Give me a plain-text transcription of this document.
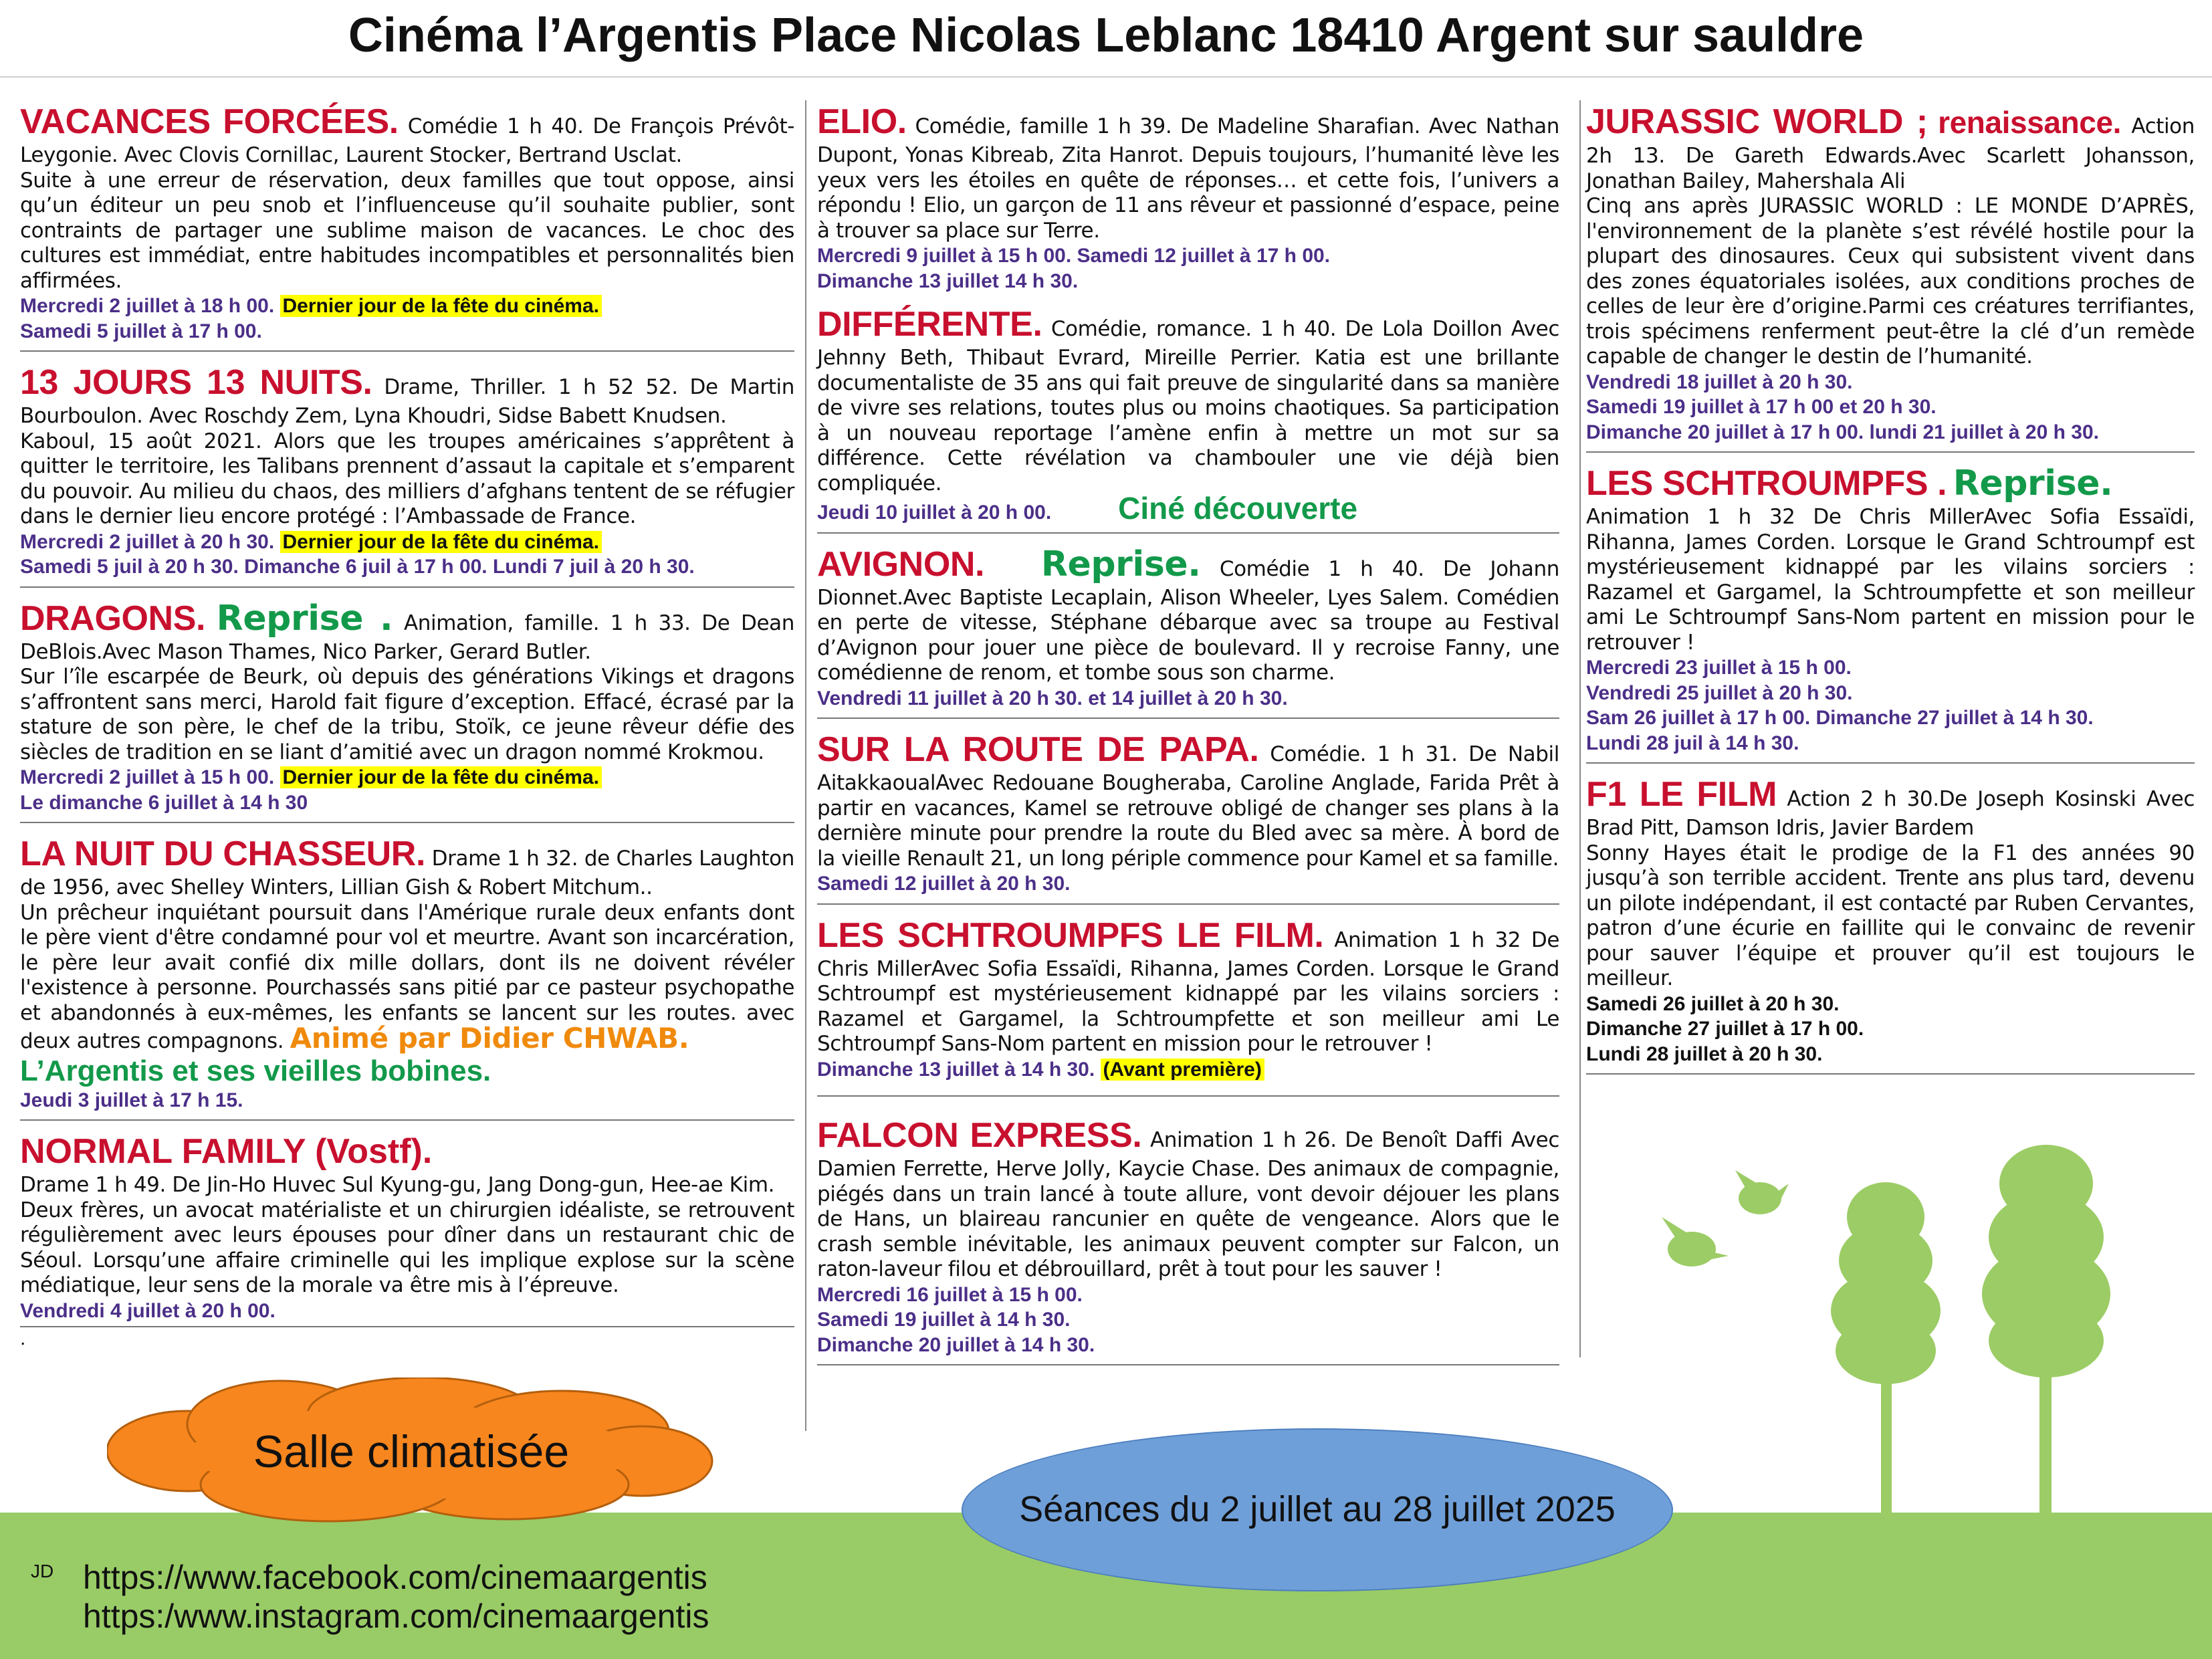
Cinéma l’Argentis Place Nicolas Leblanc 18410 Argent sur sauldre
VACANCES FORCÉES. Comédie 1 h 40. De François Prévôt-Leygonie. Avec Clovis Cornillac, Laurent Stocker, Bertrand Usclat.
Suite à une erreur de réservation, deux familles que tout oppose, ainsi qu’un éditeur un peu snob et l’influenceuse qu’il souhaite publier, sont contraints de partager une sublime maison de vacances. Le choc des cultures est immédiat, entre habitudes incompatibles et personnalités bien affirmées.
Mercredi 2 juillet à 18 h 00. Dernier jour de la fête du cinéma.
Samedi 5 juillet à 17 h 00.
13 JOURS 13 NUITS. Drame, Thriller. 1 h 52 52. De Martin Bourboulon. Avec Roschdy Zem, Lyna Khoudri, Sidse Babett Knudsen.
Kaboul, 15 août 2021. Alors que les troupes américaines s’apprêtent à quitter le territoire, les Talibans prennent d’assaut la capitale et s’emparent du pouvoir. Au milieu du chaos, des milliers d’afghans tentent de se réfugier dans le dernier lieu encore protégé : l’Ambassade de France.
Mercredi 2 juillet à 20 h 30. Dernier jour de la fête du cinéma.
Samedi 5 juil à 20 h 30. Dimanche 6 juil à 17 h 00. Lundi 7 juil à 20 h 30.
DRAGONS. Reprise . Animation, famille. 1 h 33. De Dean DeBlois.Avec Mason Thames, Nico Parker, Gerard Butler.
Sur l’île escarpée de Beurk, où depuis des générations Vikings et dragons s’affrontent sans merci, Harold fait figure d’exception. Effacé, écrasé par la stature de son père, le chef de la tribu, Stoïk, ce jeune rêveur défie des siècles de tradition en se liant d’amitié avec un dragon nommé Krokmou.
Mercredi 2 juillet à 15 h 00. Dernier jour de la fête du cinéma.
Le dimanche 6 juillet à 14 h 30
LA NUIT DU CHASSEUR. Drame 1 h 32. de Charles Laughton de 1956, avec Shelley Winters, Lillian Gish & Robert Mitchum..
Un prêcheur inquiétant poursuit dans l'Amérique rurale deux enfants dont le père vient d'être condamné pour vol et meurtre. Avant son incarcération, le père leur avait confié dix mille dollars, dont ils ne doivent révéler l'existence à personne. Pourchassés sans pitié par ce pasteur psychopathe et abandonnés à eux-mêmes, les enfants se lancent sur les routes. avec deux autres compagnons. Animé par Didier CHWAB.
L’Argentis et ses vieilles bobines.
Jeudi 3 juillet à 17 h 15.
NORMAL FAMILY (Vostf).
Drame 1 h 49. De Jin-Ho Huvec Sul Kyung-gu, Jang Dong-gun, Hee-ae Kim.
Deux frères, un avocat matérialiste et un chirurgien idéaliste, se retrouvent régulièrement avec leurs épouses pour dîner dans un restaurant chic de Séoul. Lorsqu’une affaire criminelle qui les implique explose sur la scène médiatique, leur sens de la morale va être mis à l’épreuve.
Vendredi 4 juillet à 20 h 00.
.
ELIO. Comédie, famille 1 h 39. De Madeline Sharafian. Avec Nathan Dupont, Yonas Kibreab, Zita Hanrot. Depuis toujours, l’humanité lève les yeux vers les étoiles en quête de réponses… et cette fois, l’univers a répondu ! Elio, un garçon de 11 ans rêveur et passionné d’espace, peine à trouver sa place sur Terre.
Mercredi 9 juillet à 15 h 00. Samedi 12 juillet à 17 h 00.
Dimanche 13 juillet 14 h 30.
DIFFÉRENTE. Comédie, romance. 1 h 40. De Lola Doillon Avec Jehnny Beth, Thibaut Evrard, Mireille Perrier. Katia est une brillante documentaliste de 35 ans qui fait preuve de singularité dans sa manière de vivre ses relations, toutes plus ou moins chaotiques. Sa participation à un nouveau reportage l’amène enfin à mettre un mot sur sa différence. Cette révélation va chambouler une vie déjà bien compliquée.
Jeudi 10 juillet à 20 h 00. Ciné découverte
AVIGNON. Reprise. Comédie 1 h 40. De Johann Dionnet.Avec Baptiste Lecaplain, Alison Wheeler, Lyes Salem. Comédien en perte de vitesse, Stéphane débarque avec sa troupe au Festival d’Avignon pour jouer une pièce de boulevard. Il y recroise Fanny, une comédienne de renom, et tombe sous son charme.
Vendredi 11 juillet à 20 h 30. et 14 juillet à 20 h 30.
SUR LA ROUTE DE PAPA. Comédie. 1 h 31. De Nabil AitakkaoualAvec Redouane Bougheraba, Caroline Anglade, Farida Prêt à partir en vacances, Kamel se retrouve obligé de changer ses plans à la dernière minute pour prendre la route du Bled avec sa mère. À bord de la vieille Renault 21, un long périple commence pour Kamel et sa famille.
Samedi 12 juillet à 20 h 30.
LES SCHTROUMPFS LE FILM. Animation 1 h 32 De Chris MillerAvec Sofia Essaïdi, Rihanna, James Corden. Lorsque le Grand Schtroumpf est mystérieusement kidnappé par les vilains sorciers : Razamel et Gargamel, la Schtroumpfette et son meilleur ami Le Schtroumpf Sans-Nom partent en mission pour le retrouver !
Dimanche 13 juillet à 14 h 30. (Avant première)
FALCON EXPRESS. Animation 1 h 26. De Benoît Daffi Avec Damien Ferrette, Herve Jolly, Kaycie Chase. Des animaux de compagnie, piégés dans un train lancé à toute allure, vont devoir déjouer les plans de Hans, un blaireau rancunier en quête de vengeance. Alors que le crash semble inévitable, les animaux peuvent compter sur Falcon, un raton-laveur filou et débrouillard, prêt à tout pour les sauver !
Mercredi 16 juillet à 15 h 00.
Samedi 19 juillet à 14 h 30.
Dimanche 20 juillet à 14 h 30.
JURASSIC WORLD ; renaissance. Action 2h 13. De Gareth Edwards.Avec Scarlett Johansson, Jonathan Bailey, Mahershala Ali
Cinq ans après JURASSIC WORLD : LE MONDE D’APRÈS, l'environnement de la planète s’est révélé hostile pour la plupart des dinosaures. Ceux qui subsistent vivent dans des zones équatoriales isolées, aux conditions proches de celles de leur ère d’origine.Parmi ces créatures terrifiantes, trois spécimens renferment peut-être la clé d’un remède capable de changer le destin de l’humanité.
Vendredi 18 juillet à 20 h 30.
Samedi 19 juillet à 17 h 00 et 20 h 30.
Dimanche 20 juillet à 17 h 00. lundi 21 juillet à 20 h 30.
LES SCHTROUMPFS . Reprise.
Animation 1 h 32 De Chris MillerAvec Sofia Essaïdi, Rihanna, James Corden. Lorsque le Grand Schtroumpf est mystérieusement kidnappé par les vilains sorciers : Razamel et Gargamel, la Schtroumpfette et son meilleur ami Le Schtroumpf Sans-Nom partent en mission pour le retrouver !
Mercredi 23 juillet à 15 h 00.
Vendredi 25 juillet à 20 h 30.
Sam 26 juillet à 17 h 00. Dimanche 27 juillet à 14 h 30.
Lundi 28 juil à 14 h 30.
F1 LE FILM Action 2 h 30.De Joseph Kosinski Avec Brad Pitt, Damson Idris, Javier Bardem
Sonny Hayes était le prodige de la F1 des années 90 jusqu’à son terrible accident. Trente ans plus tard, devenu un pilote indépendant, il est contacté par Ruben Cervantes, patron d’une écurie en faillite qui le convainc de revenir pour sauver l’équipe et prouver qu’il est toujours le meilleur.
Samedi 26 juillet à 20 h 30.
Dimanche 27 juillet à 17 h 00.
Lundi 28 juillet à 20 h 30.
Salle climatisée
Séances du 2 juillet au 28 juillet 2025
JD https://www.facebook.com/cinemaargentis
https:/www.instagram.com/cinemaargentis
